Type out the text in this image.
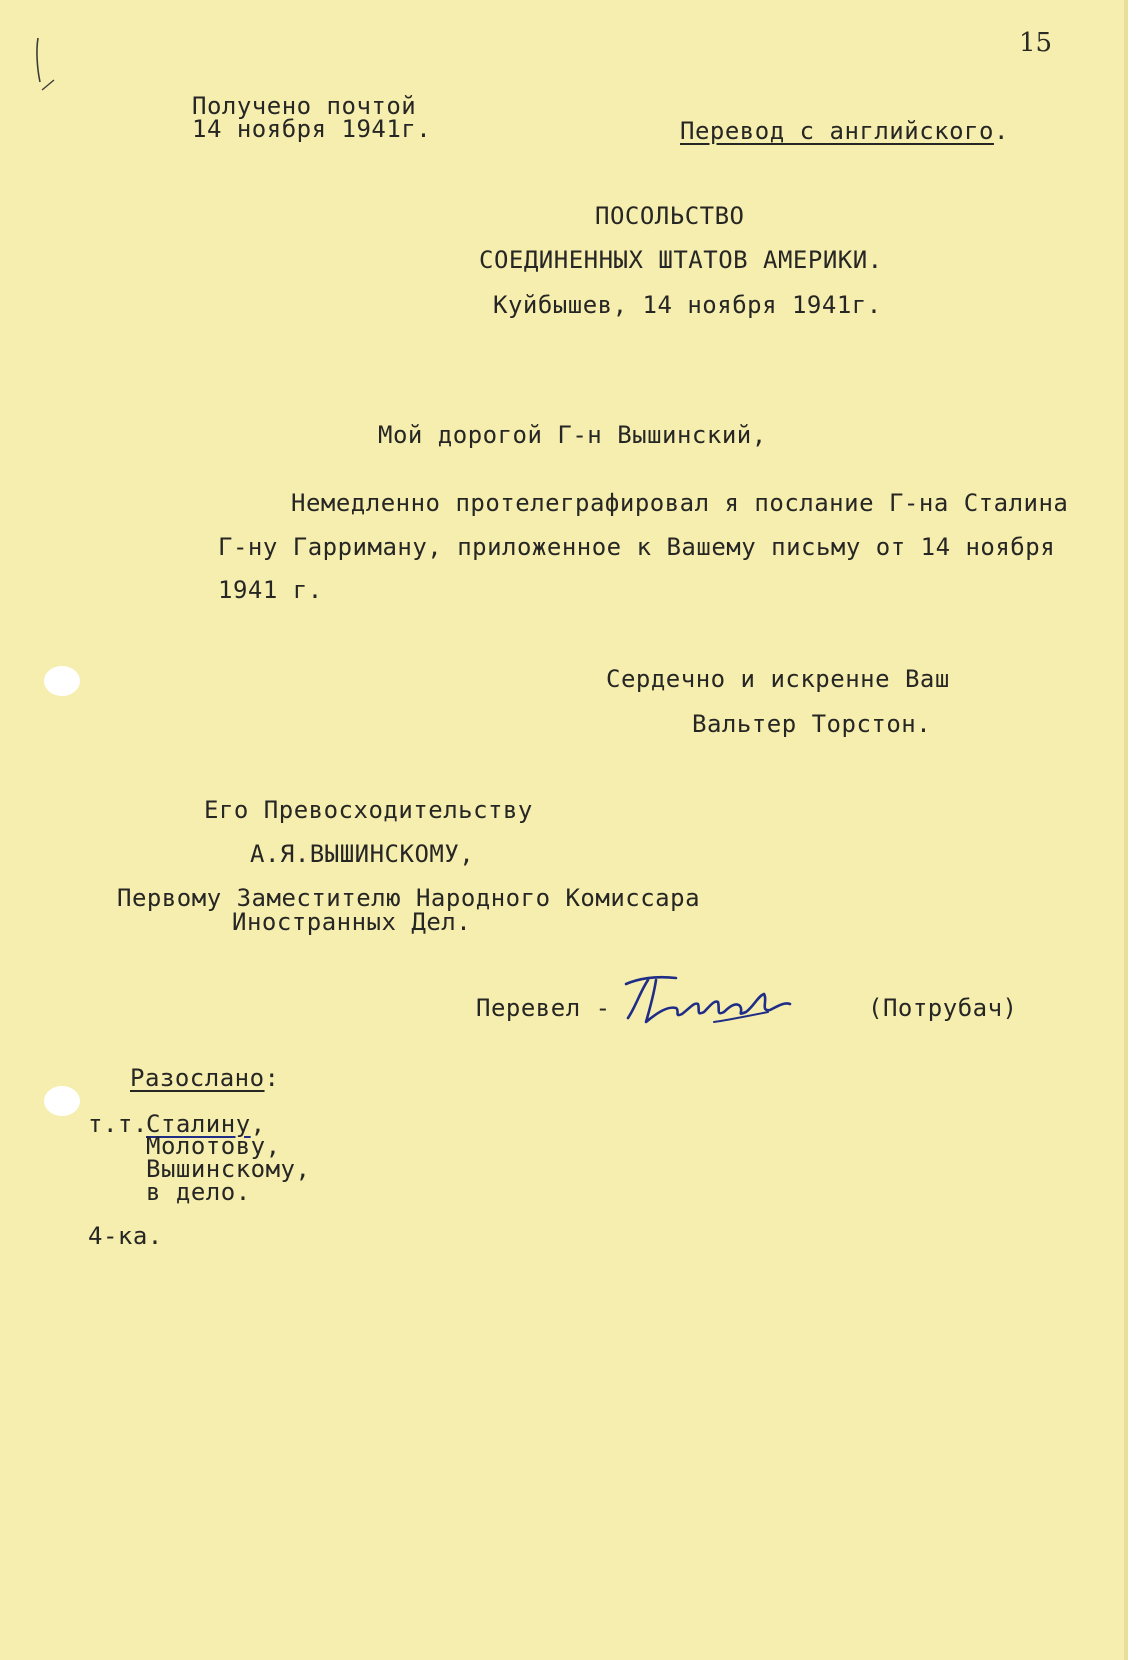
15
Получено почтой
14 ноября 1941г.	Перевод с английского.
ПОСОЛЬСТВО
СОЕДИНЕННЫХ ШТАТОВ АМЕРИКИ.
Куйбышев, 14 ноября 1941г.
Мой дорогой Г-н Вышинский,
Немедленно протелеграфировал я послание Г-на Сталина
Г-ну Гарриману, приложенное к Вашему письму от 14 ноября
1941 г.
Сердечно и искренне Ваш
Вальтер Торстон.
Его Превосходительству
А.Я.ВЫШИНСКОМУ,
Первому Заместителю Народного Комиссара
Иностранных Дел.
Перевел -	(Потрубач)
Разослано:
т.т.
Сталину,
Молотову,
Вышинскому,
в дело.
4-ка.
